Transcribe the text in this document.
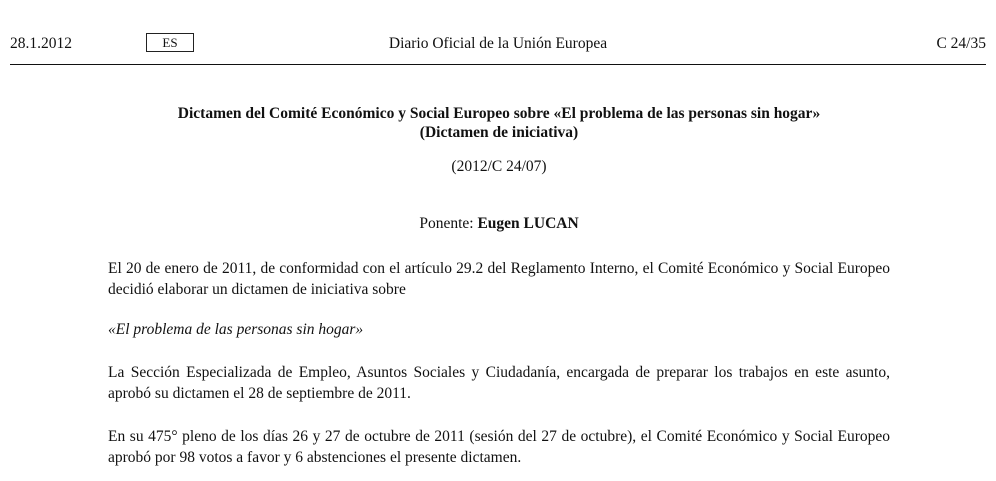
28.1.2012	ES	Diario Oficial de la Unión Europea	C 24/35
Dictamen del Comité Económico y Social Europeo sobre «El problema de las personas sin hogar»
(Dictamen de iniciativa)
(2012/C 24/07)
Ponente: Eugen LUCAN
El 20 de enero de 2011, de conformidad con el artículo 29.2 del Reglamento Interno, el Comité Económico y Social Europeo decidió elaborar un dictamen de iniciativa sobre
«El problema de las personas sin hogar»
La Sección Especializada de Empleo, Asuntos Sociales y Ciudadanía, encargada de preparar los trabajos en este asunto, aprobó su dictamen el 28 de septiembre de 2011.
En su 475° pleno de los días 26 y 27 de octubre de 2011 (sesión del 27 de octubre), el Comité Económico y Social Europeo aprobó por 98 votos a favor y 6 abstenciones el presente dictamen.
